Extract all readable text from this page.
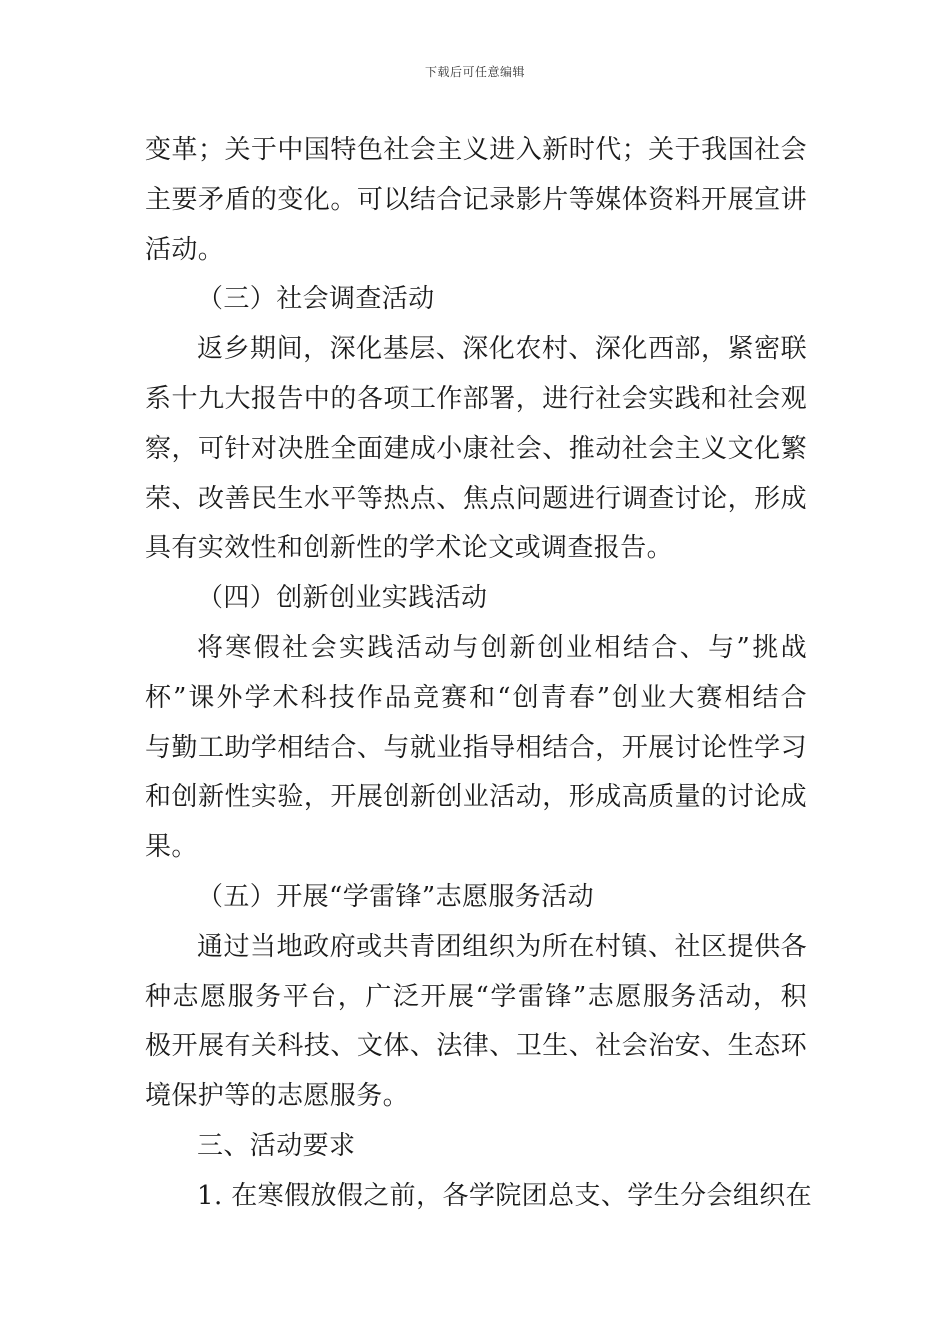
下载后可任意编辑
变革；关于中国特色社会主义进入新时代；关于我国社会
主要矛盾的变化。可以结合记录影片等媒体资料开展宣讲
活动。
（三）社会调查活动
返乡期间，深化基层、深化农村、深化西部，紧密联
系十九大报告中的各项工作部署，进行社会实践和社会观
察，可针对决胜全面建成小康社会、推动社会主义文化繁
荣、改善民生水平等热点、焦点问题进行调查讨论，形成
具有实效性和创新性的学术论文或调查报告。
（四）创新创业实践活动
将寒假社会实践活动与创新创业相结合、与”挑战
杯”课外学术科技作品竞赛和“创青春”创业大赛相结合
与勤工助学相结合、与就业指导相结合，开展讨论性学习
和创新性实验，开展创新创业活动，形成高质量的讨论成
果。
（五）开展“学雷锋”志愿服务活动
通过当地政府或共青团组织为所在村镇、社区提供各
种志愿服务平台，广泛开展“学雷锋”志愿服务活动，积
极开展有关科技、文体、法律、卫生、社会治安、生态环
境保护等的志愿服务。
三、活动要求
1. 在寒假放假之前，各学院团总支、学生分会组织在
